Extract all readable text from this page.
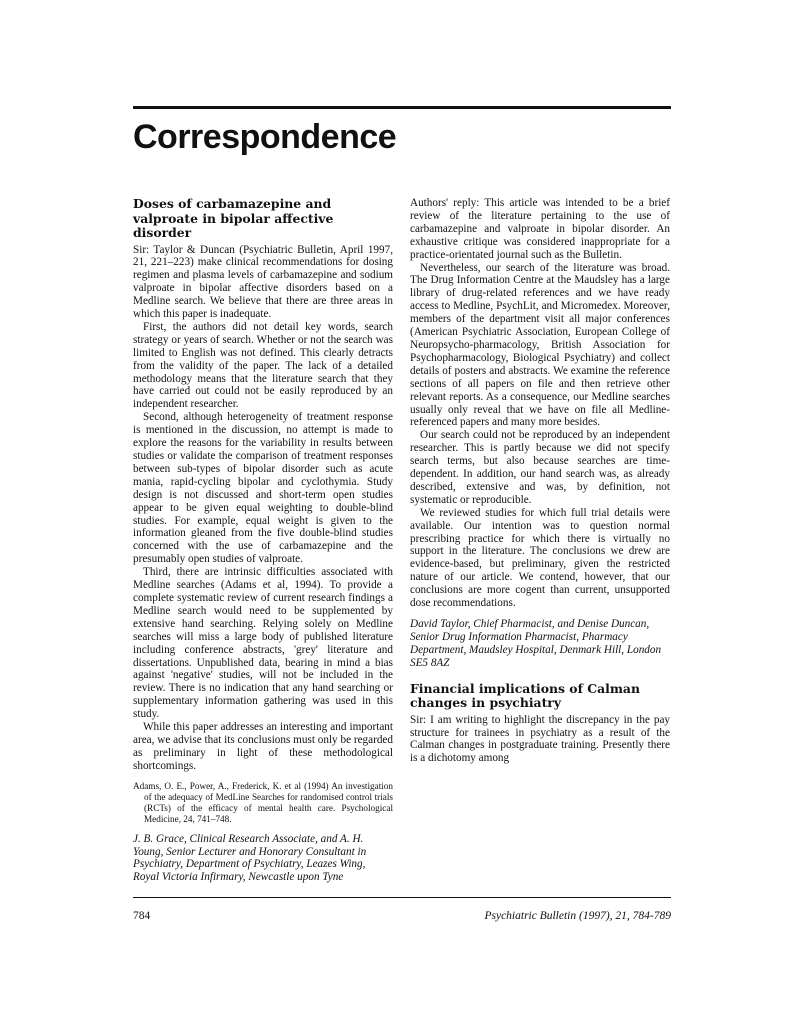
Correspondence
Doses of carbamazepine and valproate in bipolar affective disorder

Sir: Taylor & Duncan (Psychiatric Bulletin, April 1997, 21, 221–223) make clinical recommendations for dosing regimen and plasma levels of carbamazepine and sodium valproate in bipolar affective disorders based on a Medline search. We believe that there are three areas in which this paper is inadequate.

First, the authors did not detail key words, search strategy or years of search. Whether or not the search was limited to English was not defined. This clearly detracts from the validity of the paper. The lack of a detailed methodology means that the literature search that they have carried out could not be easily reproduced by an independent researcher.

Second, although heterogeneity of treatment response is mentioned in the discussion, no attempt is made to explore the reasons for the variability in results between studies or validate the comparison of treatment responses between sub-types of bipolar disorder such as acute mania, rapid-cycling bipolar and cyclothymia. Study design is not discussed and short-term open studies appear to be given equal weighting to double-blind studies. For example, equal weight is given to the information gleaned from the five double-blind studies concerned with the use of carbamazepine and the presumably open studies of valproate.

Third, there are intrinsic difficulties associated with Medline searches (Adams et al, 1994). To provide a complete systematic review of current research findings a Medline search would need to be supplemented by extensive hand searching. Relying solely on Medline searches will miss a large body of published literature including conference abstracts, 'grey' literature and dissertations. Unpublished data, bearing in mind a bias against 'negative' studies, will not be included in the review. There is no indication that any hand searching or supplementary information gathering was used in this study.

While this paper addresses an interesting and important area, we advise that its conclusions must only be regarded as preliminary in light of these methodological shortcomings.

Adams, O. E., Power, A., Frederick, K. et al (1994) An investigation of the adequacy of MedLine Searches for randomised control trials (RCTs) of the efficacy of mental health care. Psychological Medicine, 24, 741–748.

J. B. Grace, Clinical Research Associate, and A. H. Young, Senior Lecturer and Honorary Consultant in Psychiatry, Department of Psychiatry, Leazes Wing, Royal Victoria Infirmary, Newcastle upon Tyne

Authors' reply: This article was intended to be a brief review of the literature pertaining to the use of carbamazepine and valproate in bipolar disorder. An exhaustive critique was considered inappropriate for a practice-orientated journal such as the Bulletin.

Nevertheless, our search of the literature was broad. The Drug Information Centre at the Maudsley has a large library of drug-related references and we have ready access to Medline, PsychLit, and Micromedex. Moreover, members of the department visit all major conferences (American Psychiatric Association, European College of Neuropsycho-pharmacology, British Association for Psychopharmacology, Biological Psychiatry) and collect details of posters and abstracts. We examine the reference sections of all papers on file and then retrieve other relevant reports. As a consequence, our Medline searches usually only reveal that we have on file all Medline-referenced papers and many more besides.

Our search could not be reproduced by an independent researcher. This is partly because we did not specify search terms, but also because searches are time-dependent. In addition, our hand search was, as already described, extensive and was, by definition, not systematic or reproducible.

We reviewed studies for which full trial details were available. Our intention was to question normal prescribing practice for which there is virtually no support in the literature. The conclusions we drew are evidence-based, but preliminary, given the restricted nature of our article. We contend, however, that our conclusions are more cogent than current, unsupported dose recommendations.

David Taylor, Chief Pharmacist, and Denise Duncan, Senior Drug Information Pharmacist, Pharmacy Department, Maudsley Hospital, Denmark Hill, London SE5 8AZ

Financial implications of Calman changes in psychiatry

Sir: I am writing to highlight the discrepancy in the pay structure for trainees in psychiatry as a result of the Calman changes in postgraduate training. Presently there is a dichotomy among

784	Psychiatric Bulletin (1997), 21, 784-789
